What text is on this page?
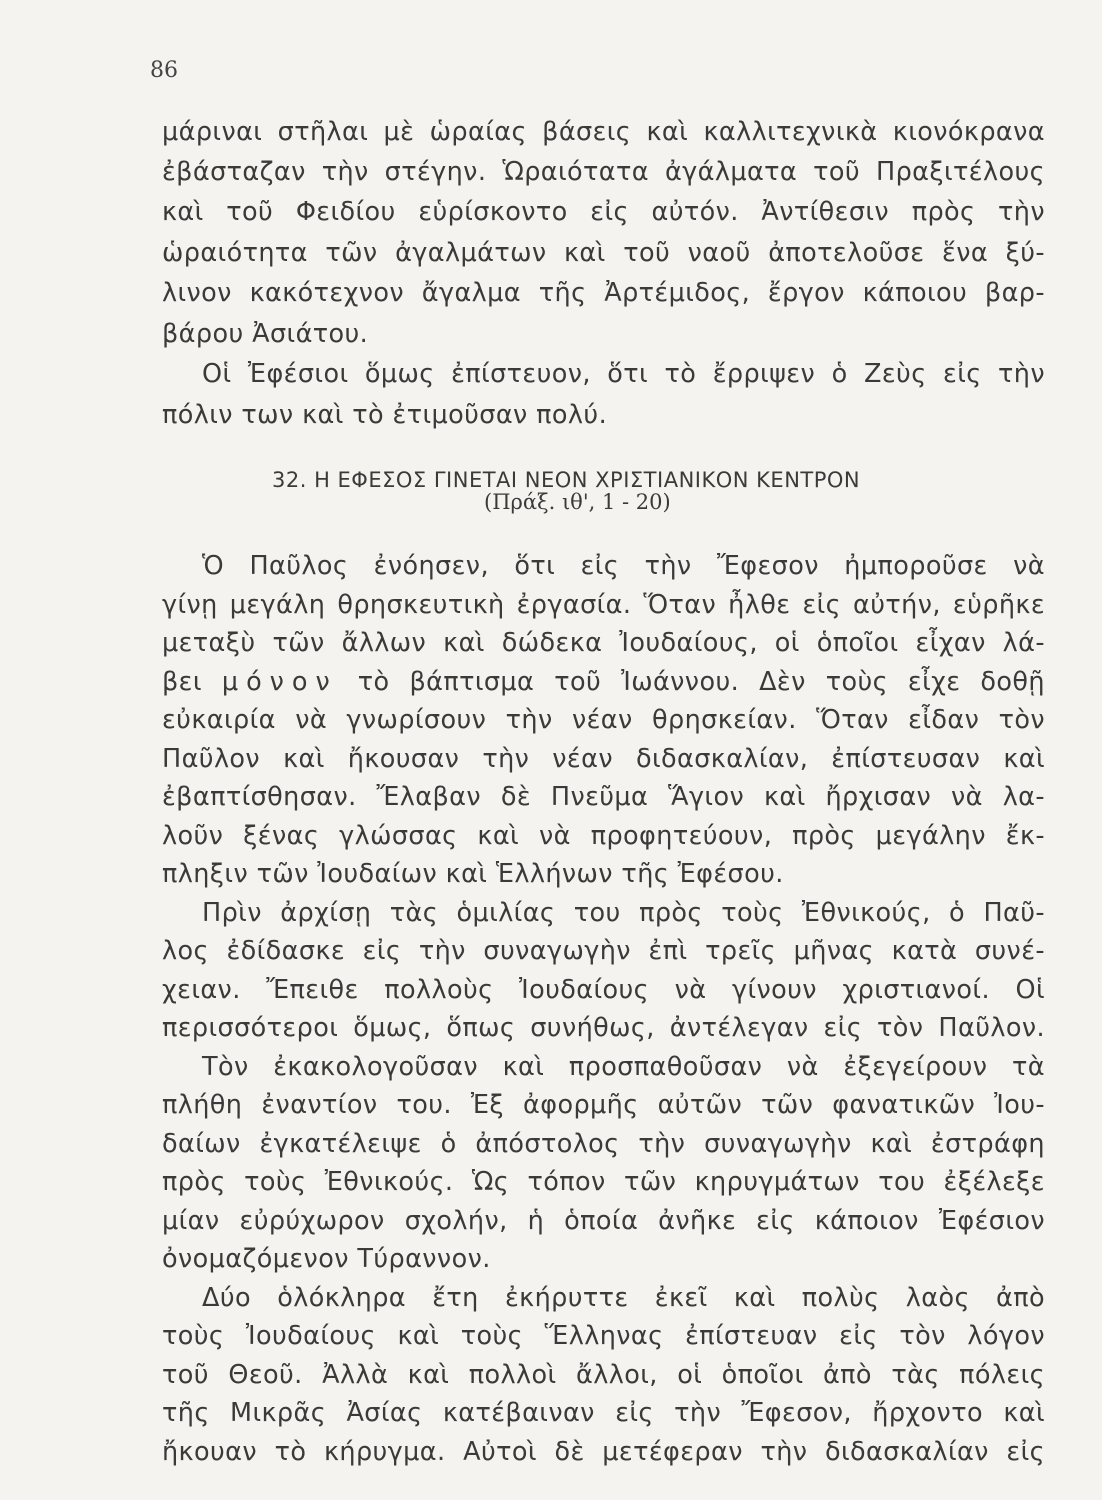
86
μάριναι στῆλαι μὲ ὡραίας βάσεις καὶ καλλιτεχνικὰ κιονόκρανα
ἐβάσταζαν τὴν στέγην. Ὡραιότατα ἀγάλματα τοῦ Πραξιτέλους
καὶ τοῦ Φειδίου εὑρίσκοντο εἰς αὐτόν. Ἀντίθεσιν πρὸς τὴν
ὡραιότητα τῶν ἀγαλμάτων καὶ τοῦ ναοῦ ἀποτελοῦσε ἕνα ξύ-
λινον κακότεχνον ἄγαλμα τῆς Ἀρτέμιδος, ἔργον κάποιου βαρ-
βάρου Ἀσιάτου.
Οἱ Ἐφέσιοι ὅμως ἐπίστευον, ὅτι τὸ ἔρριψεν ὁ Ζεὺς εἰς τὴν
πόλιν των καὶ τὸ ἐτιμοῦσαν πολύ.
32. Η ΕΦΕΣΟΣ ΓΙΝΕΤΑΙ ΝΕΟΝ ΧΡΙΣΤΙΑΝΙΚΟΝ ΚΕΝΤΡΟΝ
(Πράξ. ιθ', 1 - 20)
Ὁ Παῦλος ἐνόησεν, ὅτι εἰς τὴν Ἔφεσον ἠμποροῦσε νὰ
γίνῃ μεγάλη θρησκευτικὴ ἐργασία. Ὅταν ἦλθε εἰς αὐτήν, εὑρῆκε
μεταξὺ τῶν ἄλλων καὶ δώδεκα Ἰουδαίους, οἱ ὁποῖοι εἶχαν λά-
βει μόνον τὸ βάπτισμα τοῦ Ἰωάννου. Δὲν τοὺς εἶχε δοθῇ
εὐκαιρία νὰ γνωρίσουν τὴν νέαν θρησκείαν. Ὅταν εἶδαν τὸν
Παῦλον καὶ ἤκουσαν τὴν νέαν διδασκαλίαν, ἐπίστευσαν καὶ
ἐβαπτίσθησαν. Ἔλαβαν δὲ Πνεῦμα Ἅγιον καὶ ἤρχισαν νὰ λα-
λοῦν ξένας γλώσσας καὶ νὰ προφητεύουν, πρὸς μεγάλην ἔκ-
πληξιν τῶν Ἰουδαίων καὶ Ἑλλήνων τῆς Ἐφέσου.
Πρὶν ἀρχίσῃ τὰς ὁμιλίας του πρὸς τοὺς Ἐθνικούς, ὁ Παῦ-
λος ἐδίδασκε εἰς τὴν συναγωγὴν ἐπὶ τρεῖς μῆνας κατὰ συνέ-
χειαν. Ἔπειθε πολλοὺς Ἰουδαίους νὰ γίνουν χριστιανοί. Οἱ
περισσότεροι ὅμως, ὅπως συνήθως, ἀντέλεγαν εἰς τὸν Παῦλον.
Τὸν ἐκακολογοῦσαν καὶ προσπαθοῦσαν νὰ ἐξεγείρουν τὰ
πλήθη ἐναντίον του. Ἐξ ἀφορμῆς αὐτῶν τῶν φανατικῶν Ἰου-
δαίων ἐγκατέλειψε ὁ ἀπόστολος τὴν συναγωγὴν καὶ ἐστράφη
πρὸς τοὺς Ἐθνικούς. Ὡς τόπον τῶν κηρυγμάτων του ἐξέλεξε
μίαν εὐρύχωρον σχολήν, ἡ ὁποία ἀνῆκε εἰς κάποιον Ἐφέσιον
ὀνομαζόμενον Τύραννον.
Δύο ὁλόκληρα ἔτη ἐκήρυττε ἐκεῖ καὶ πολὺς λαὸς ἀπὸ
τοὺς Ἰουδαίους καὶ τοὺς Ἕλληνας ἐπίστευαν εἰς τὸν λόγον
τοῦ Θεοῦ. Ἀλλὰ καὶ πολλοὶ ἄλλοι, οἱ ὁποῖοι ἀπὸ τὰς πόλεις
τῆς Μικρᾶς Ἀσίας κατέβαιναν εἰς τὴν Ἔφεσον, ἤρχοντο καὶ
ἤκουαν τὸ κήρυγμα. Αὐτοὶ δὲ μετέφεραν τὴν διδασκαλίαν εἰς
